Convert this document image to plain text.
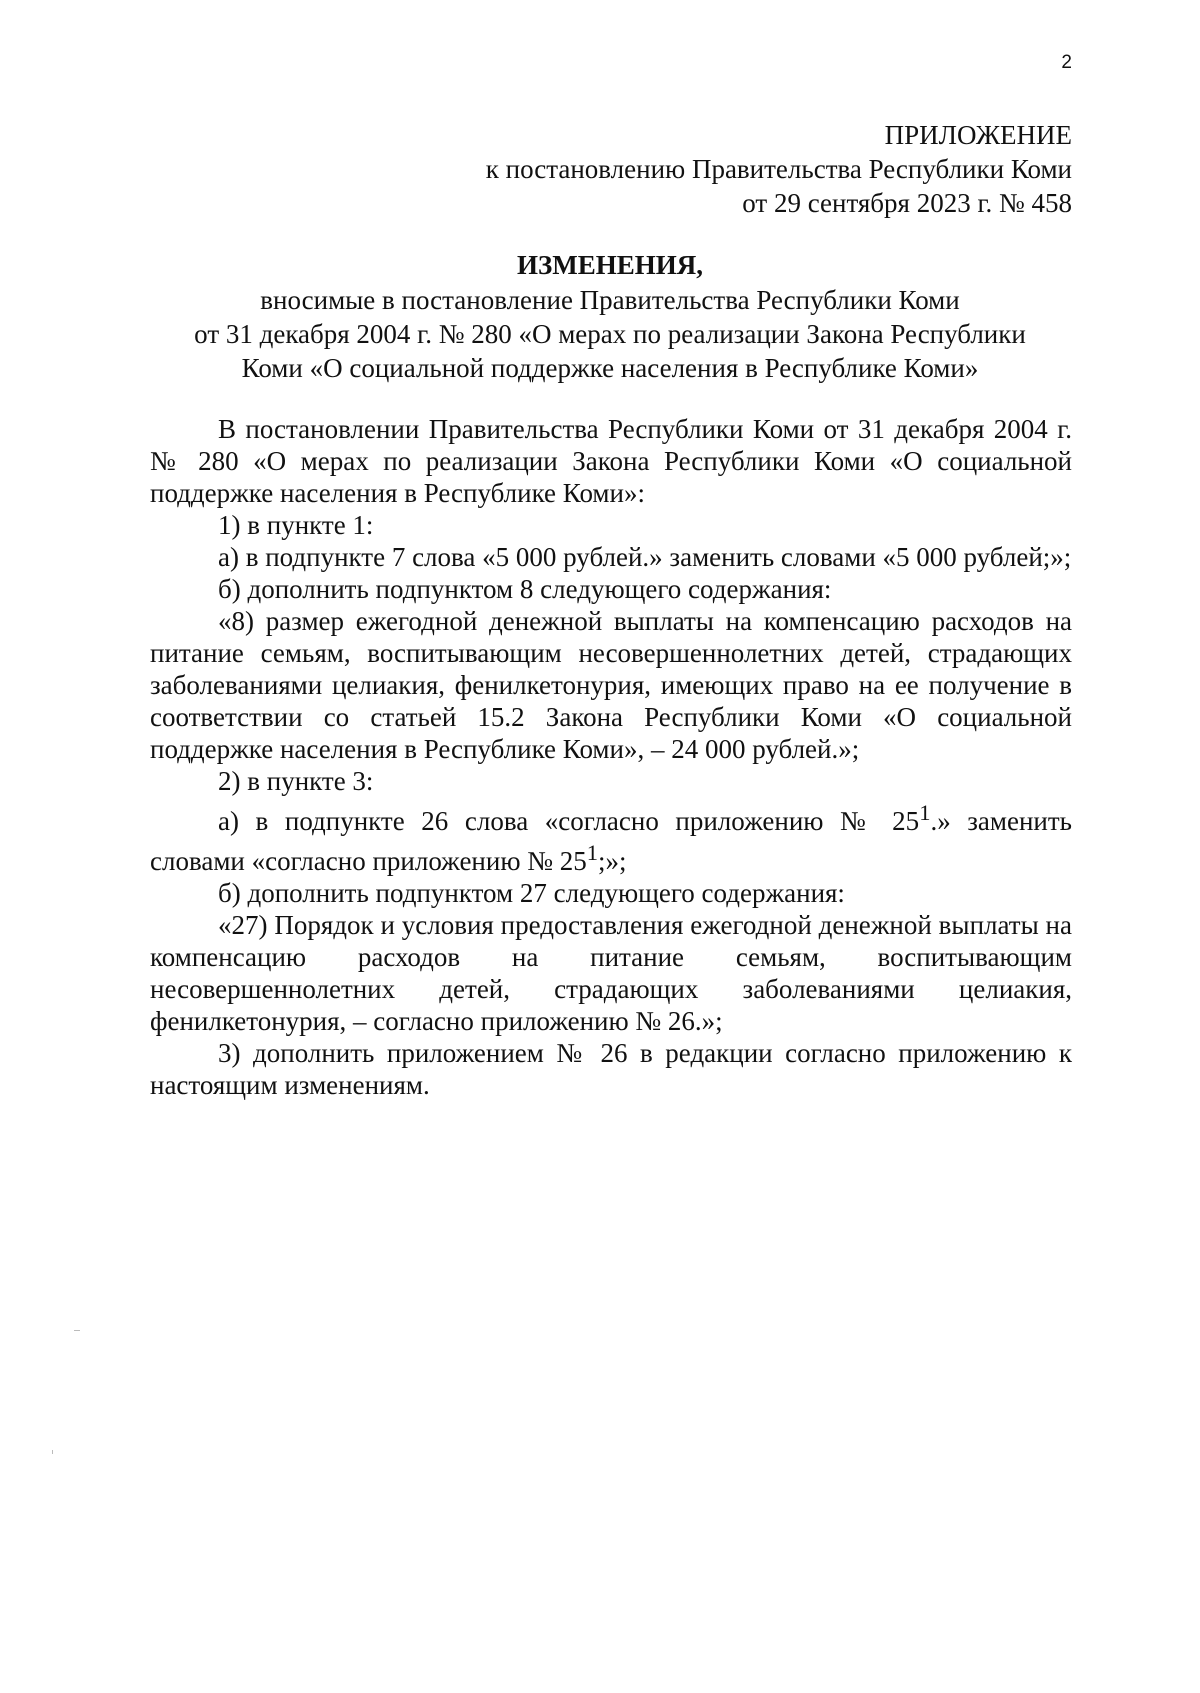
2
ПРИЛОЖЕНИЕ
к постановлению Правительства Республики Коми
от 29 сентября 2023 г. № 458
ИЗМЕНЕНИЯ,
вносимые в постановление Правительства Республики Коми
от 31 декабря 2004 г. № 280 «О мерах по реализации Закона Республики
Коми «О социальной поддержке населения в Республике Коми»

В постановлении Правительства Республики Коми от 31 декабря 2004 г. № 280 «О мерах по реализации Закона Республики Коми «О социальной поддержке населения в Республике Коми»:

1) в пункте 1:

а) в подпункте 7 слова «5 000 рублей.» заменить словами «5 000 рублей;»;

б) дополнить подпунктом 8 следующего содержания:

«8) размер ежегодной денежной выплаты на компенсацию расходов на питание семьям, воспитывающим несовершеннолетних детей, страдающих заболеваниями целиакия, фенилкетонурия, имеющих право на ее получение в соответствии со статьей 15.2 Закона Республики Коми «О социальной поддержке населения в Республике Коми», – 24 000 рублей.»;

2) в пункте 3:

а) в подпункте 26 слова «согласно приложению № $25^1$.» заменить словами «согласно приложению № $25^1$;»;

б) дополнить подпунктом 27 следующего содержания:

«27) Порядок и условия предоставления ежегодной денежной выплаты на компенсацию расходов на питание семьям, воспитывающим несовершеннолетних детей, страдающих заболеваниями целиакия, фенилкетонурия, – согласно приложению № 26.»;

3) дополнить приложением № 26 в редакции согласно приложению к настоящим изменениям.
